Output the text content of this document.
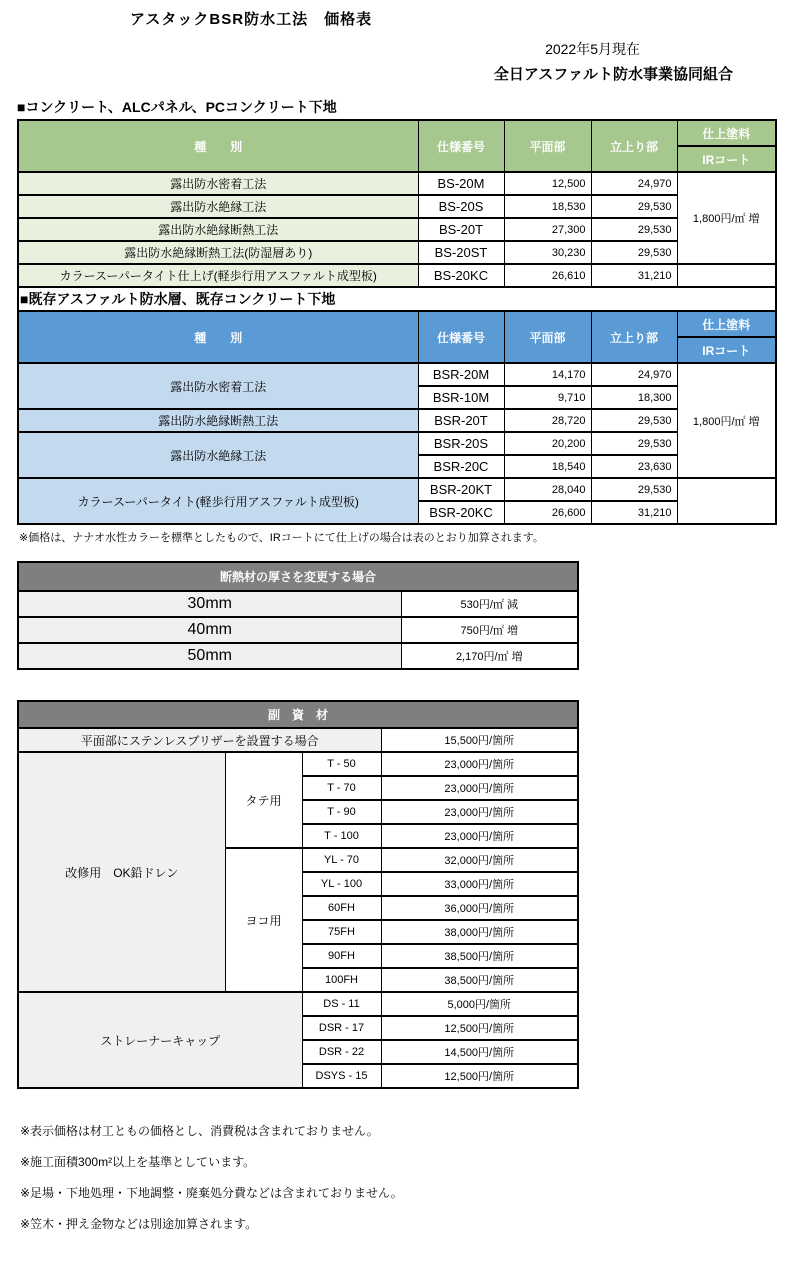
アスタックBSR防水工法　価格表
2022年5月現在
全日アスファルト防水事業協同組合
■コンクリート、ALCパネル、PCコンクリート下地
種　　別	仕様番号	平面部	立上り部	仕上塗料
				IRコート
露出防水密着工法	BS-20M	12,500	24,970	1,800円/㎡ 増
露出防水絶縁工法	BS-20S	18,530	29,530	
露出防水絶縁断熱工法	BS-20T	27,300	29,530	
露出防水絶縁断熱工法(防湿層あり)	BS-20ST	30,230	29,530	
カラースーパータイト仕上げ(軽歩行用アスファルト成型板)	BS-20KC	26,610	31,210	
■既存アスファルト防水層、既存コンクリート下地				
種　　別	仕様番号	平面部	立上り部	仕上塗料
				IRコート
露出防水密着工法	BSR-20M	14,170	24,970	1,800円/㎡ 増
	BSR-10M	9,710	18,300	
露出防水絶縁断熱工法	BSR-20T	28,720	29,530	
露出防水絶縁工法	BSR-20S	20,200	29,530	
	BSR-20C	18,540	23,630	
カラースーパータイト(軽歩行用アスファルト成型板)	BSR-20KT	28,040	29,530	
	BSR-20KC	26,600	31,210	
※価格は、ナナオ水性カラーを標準としたもので、IRコートにて仕上げの場合は表のとおり加算されます。
断熱材の厚さを変更する場合	
30mm	530円/㎡ 減
40mm	750円/㎡ 増
50mm	2,170円/㎡ 増
副　資　材			
平面部にステンレスブリザーを設置する場合			15,500円/箇所
改修用　OK鉛ドレン	タテ用	T - 50	23,000円/箇所
		T - 70	23,000円/箇所
		T - 90	23,000円/箇所
		T - 100	23,000円/箇所
	ヨコ用	YL - 70	32,000円/箇所
		YL - 100	33,000円/箇所
		60FH	36,000円/箇所
		75FH	38,000円/箇所
		90FH	38,500円/箇所
		100FH	38,500円/箇所
ストレーナーキャップ		DS - 11	5,000円/箇所
		DSR - 17	12,500円/箇所
		DSR - 22	14,500円/箇所
		DSYS - 15	12,500円/箇所
※表示価格は材工ともの価格とし、消費税は含まれておりません。
※施工面積300m²以上を基準としています。
※足場・下地処理・下地調整・廃棄処分費などは含まれておりません。
※笠木・押え金物などは別途加算されます。
